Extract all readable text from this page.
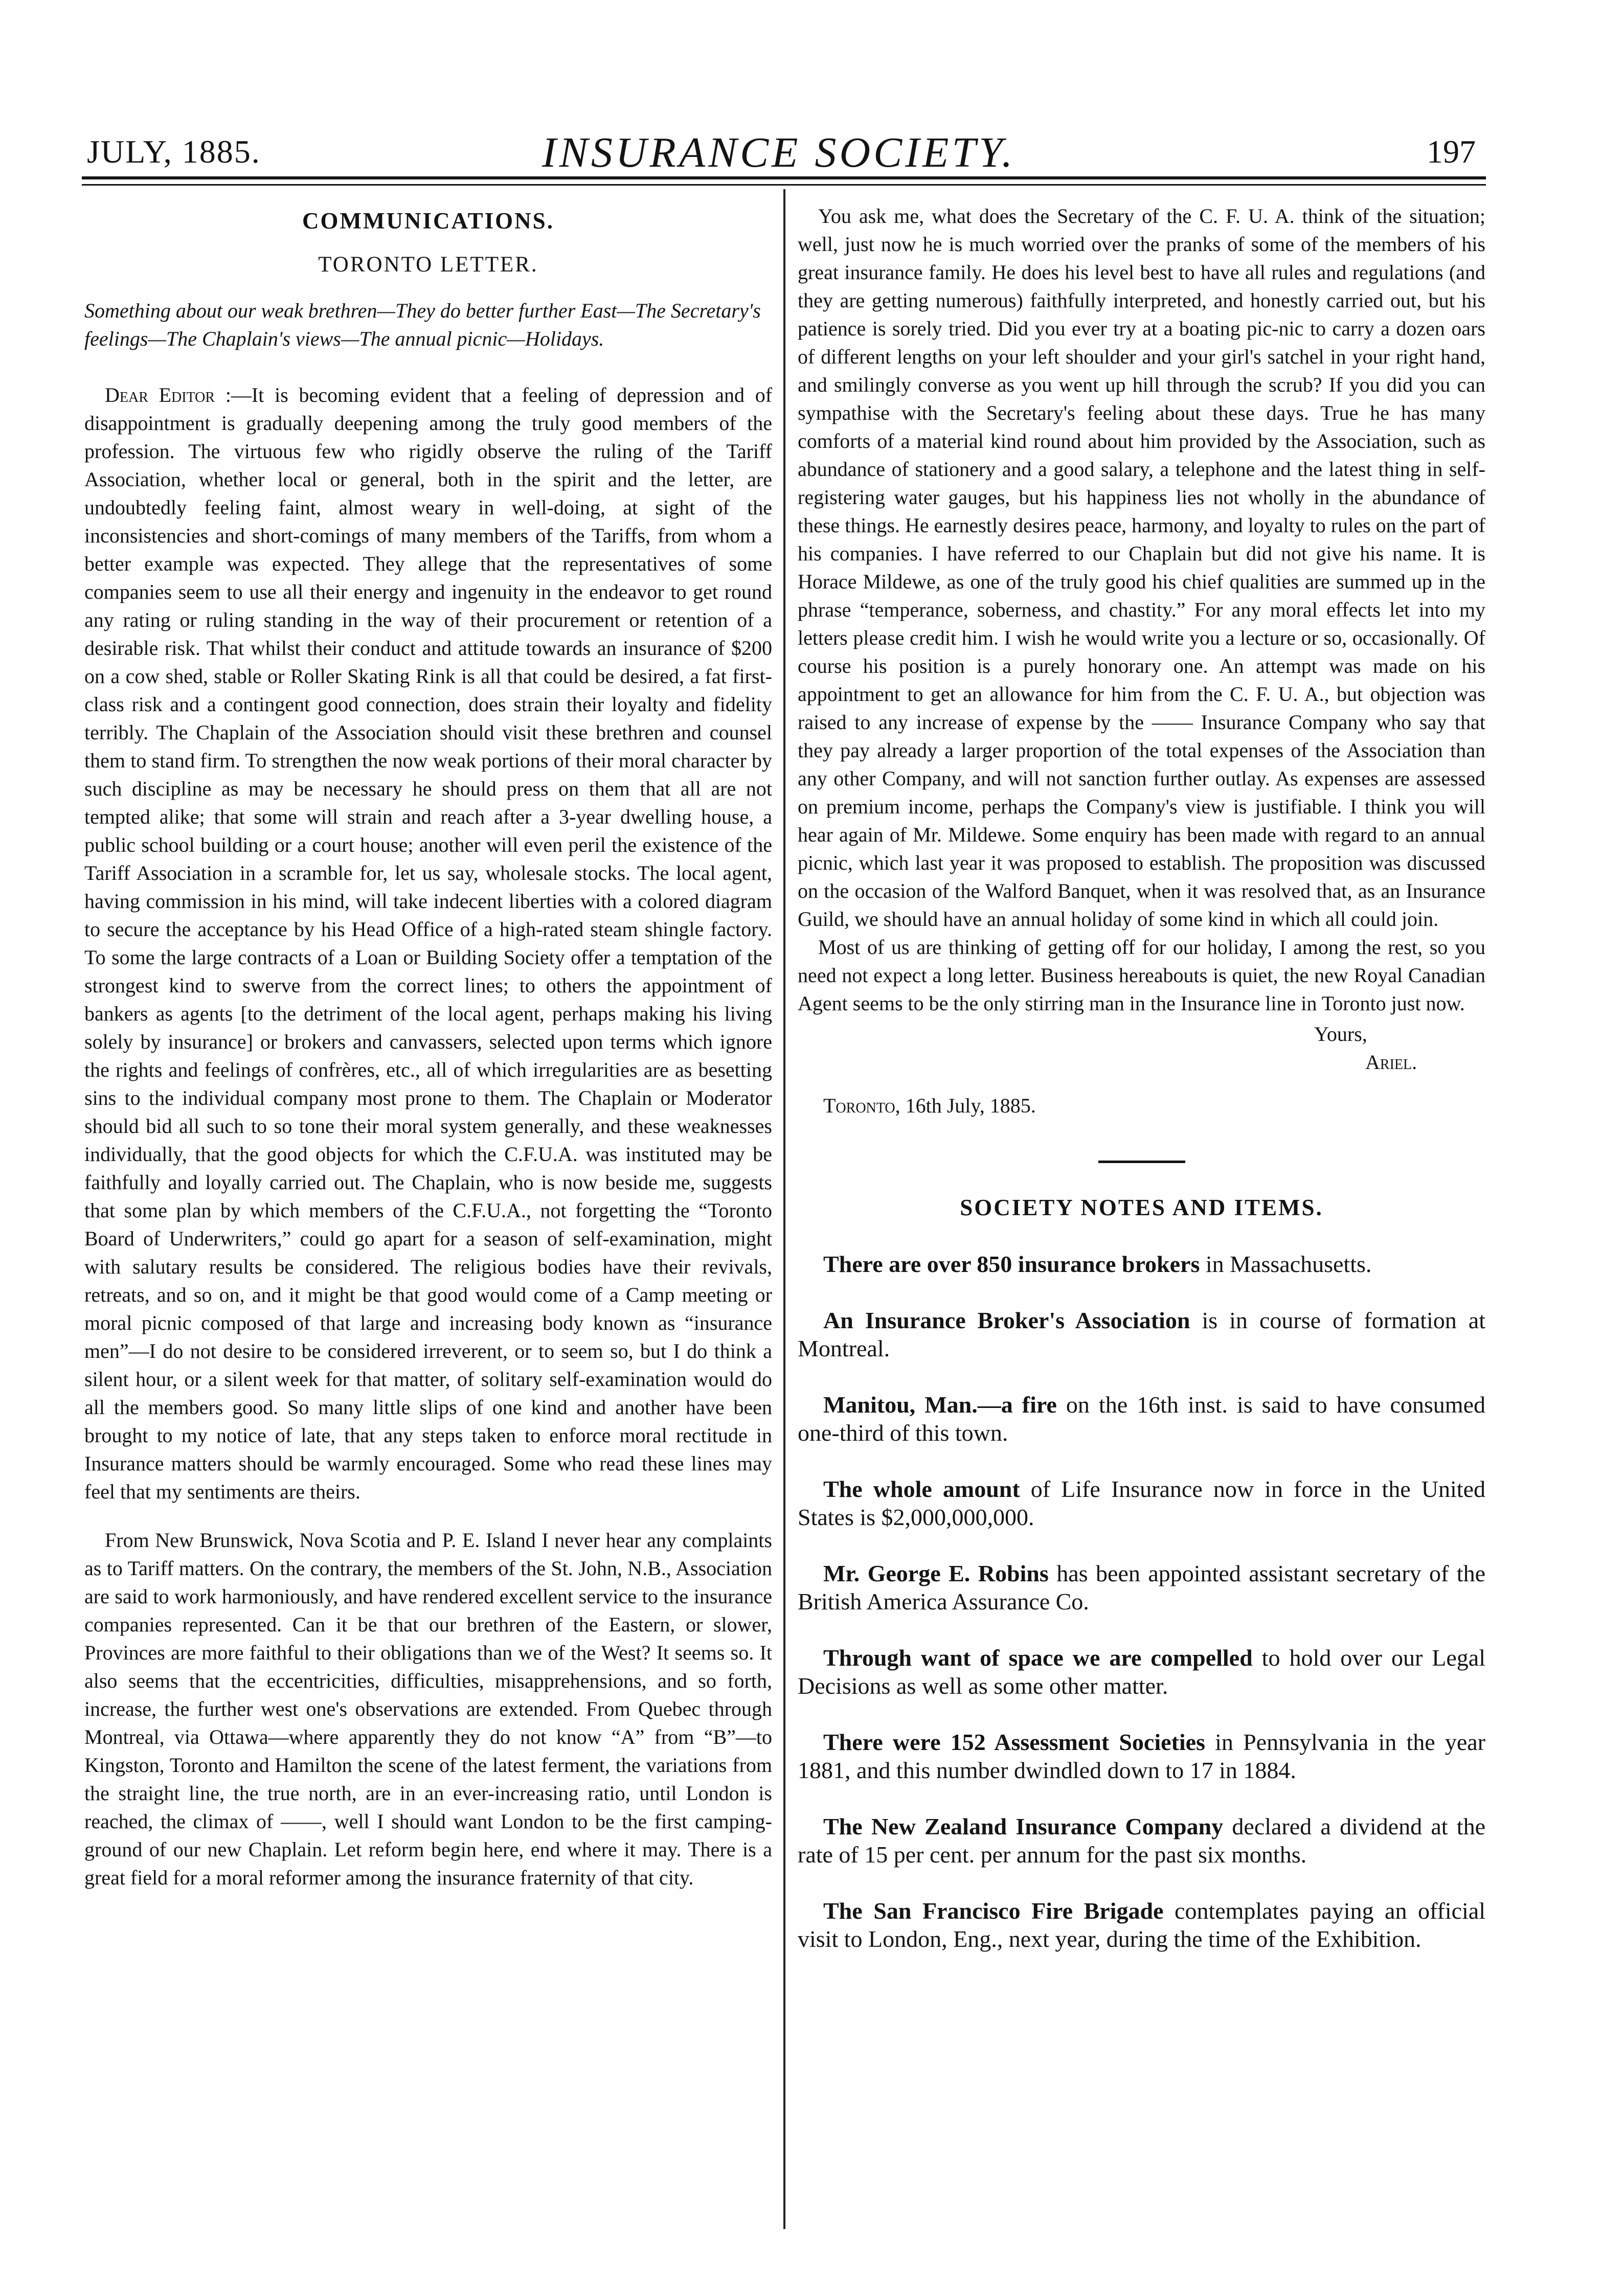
JULY, 1885.	INSURANCE SOCIETY.	197
COMMUNICATIONS.
TORONTO LETTER.

Something about our weak brethren—They do better further East—The Secretary's feelings—The Chaplain's views—The annual picnic—Holidays.

Dear Editor :—It is becoming evident that a feeling of depression and of disappointment is gradually deepening among the truly good members of the profession. The virtuous few who rigidly observe the ruling of the Tariff Association, whether local or general, both in the spirit and the letter, are undoubtedly feeling faint, almost weary in well-doing, at sight of the inconsistencies and short-comings of many members of the Tariffs, from whom a better example was expected. They allege that the representatives of some companies seem to use all their energy and ingenuity in the endeavor to get round any rating or ruling standing in the way of their procurement or retention of a desirable risk. That whilst their conduct and attitude towards an insurance of $200 on a cow shed, stable or Roller Skating Rink is all that could be desired, a fat first-class risk and a contingent good connection, does strain their loyalty and fidelity terribly. The Chaplain of the Association should visit these brethren and counsel them to stand firm. To strengthen the now weak portions of their moral character by such discipline as may be necessary he should press on them that all are not tempted alike; that some will strain and reach after a 3-year dwelling house, a public school building or a court house; another will even peril the existence of the Tariff Association in a scramble for, let us say, wholesale stocks. The local agent, having commission in his mind, will take indecent liberties with a colored diagram to secure the acceptance by his Head Office of a high-rated steam shingle factory. To some the large contracts of a Loan or Building Society offer a temptation of the strongest kind to swerve from the correct lines; to others the appointment of bankers as agents [to the detriment of the local agent, perhaps making his living solely by insurance] or brokers and canvassers, selected upon terms which ignore the rights and feelings of confrères, etc., all of which irregularities are as besetting sins to the individual company most prone to them. The Chaplain or Moderator should bid all such to so tone their moral system generally, and these weaknesses individually, that the good objects for which the C.F.U.A. was instituted may be faithfully and loyally carried out. The Chaplain, who is now beside me, suggests that some plan by which members of the C.F.U.A., not forgetting the “Toronto Board of Underwriters,” could go apart for a season of self-examination, might with salutary results be considered. The religious bodies have their revivals, retreats, and so on, and it might be that good would come of a Camp meeting or moral picnic composed of that large and increasing body known as “insurance men”—I do not desire to be considered irreverent, or to seem so, but I do think a silent hour, or a silent week for that matter, of solitary self-examination would do all the members good. So many little slips of one kind and another have been brought to my notice of late, that any steps taken to enforce moral rectitude in Insurance matters should be warmly encouraged. Some who read these lines may feel that my sentiments are theirs.

From New Brunswick, Nova Scotia and P. E. Island I never hear any complaints as to Tariff matters. On the contrary, the members of the St. John, N.B., Association are said to work harmoniously, and have rendered excellent service to the insurance companies represented. Can it be that our brethren of the Eastern, or slower, Provinces are more faithful to their obligations than we of the West? It seems so. It also seems that the eccentricities, difficulties, misapprehensions, and so forth, increase, the further west one's observations are extended. From Quebec through Montreal, via Ottawa—where apparently they do not know “A” from “B”—to Kingston, Toronto and Hamilton the scene of the latest ferment, the variations from the straight line, the true north, are in an ever-increasing ratio, until London is reached, the climax of ——, well I should want London to be the first camping-ground of our new Chaplain. Let reform begin here, end where it may. There is a great field for a moral reformer among the insurance fraternity of that city.

You ask me, what does the Secretary of the C. F. U. A. think of the situation; well, just now he is much worried over the pranks of some of the members of his great insurance family. He does his level best to have all rules and regulations (and they are getting numerous) faithfully interpreted, and honestly carried out, but his patience is sorely tried. Did you ever try at a boating pic-nic to carry a dozen oars of different lengths on your left shoulder and your girl's satchel in your right hand, and smilingly converse as you went up hill through the scrub? If you did you can sympathise with the Secretary's feeling about these days. True he has many comforts of a material kind round about him provided by the Association, such as abundance of stationery and a good salary, a telephone and the latest thing in self-registering water gauges, but his happiness lies not wholly in the abundance of these things. He earnestly desires peace, harmony, and loyalty to rules on the part of his companies. I have referred to our Chaplain but did not give his name. It is Horace Mildewe, as one of the truly good his chief qualities are summed up in the phrase “temperance, soberness, and chastity.” For any moral effects let into my letters please credit him. I wish he would write you a lecture or so, occasionally. Of course his position is a purely honorary one. An attempt was made on his appointment to get an allowance for him from the C. F. U. A., but objection was raised to any increase of expense by the —— Insurance Company who say that they pay already a larger proportion of the total expenses of the Association than any other Company, and will not sanction further outlay. As expenses are assessed on premium income, perhaps the Company's view is justifiable. I think you will hear again of Mr. Mildewe. Some enquiry has been made with regard to an annual picnic, which last year it was proposed to establish. The proposition was discussed on the occasion of the Walford Banquet, when it was resolved that, as an Insurance Guild, we should have an annual holiday of some kind in which all could join.

Most of us are thinking of getting off for our holiday, I among the rest, so you need not expect a long letter. Business hereabouts is quiet, the new Royal Canadian Agent seems to be the only stirring man in the Insurance line in Toronto just now.

Yours,
Ariel.
Toronto, 16th July, 1885.
SOCIETY NOTES AND ITEMS.

There are over 850 insurance brokers in Massachusetts.

An Insurance Broker's Association is in course of formation at Montreal.

Manitou, Man.—a fire on the 16th inst. is said to have consumed one-third of this town.

The whole amount of Life Insurance now in force in the United States is $2,000,000,000.

Mr. George E. Robins has been appointed assistant secretary of the British America Assurance Co.

Through want of space we are compelled to hold over our Legal Decisions as well as some other matter.

There were 152 Assessment Societies in Pennsylvania in the year 1881, and this number dwindled down to 17 in 1884.

The New Zealand Insurance Company declared a dividend at the rate of 15 per cent. per annum for the past six months.

The San Francisco Fire Brigade contemplates paying an official visit to London, Eng., next year, during the time of the Exhibition.
